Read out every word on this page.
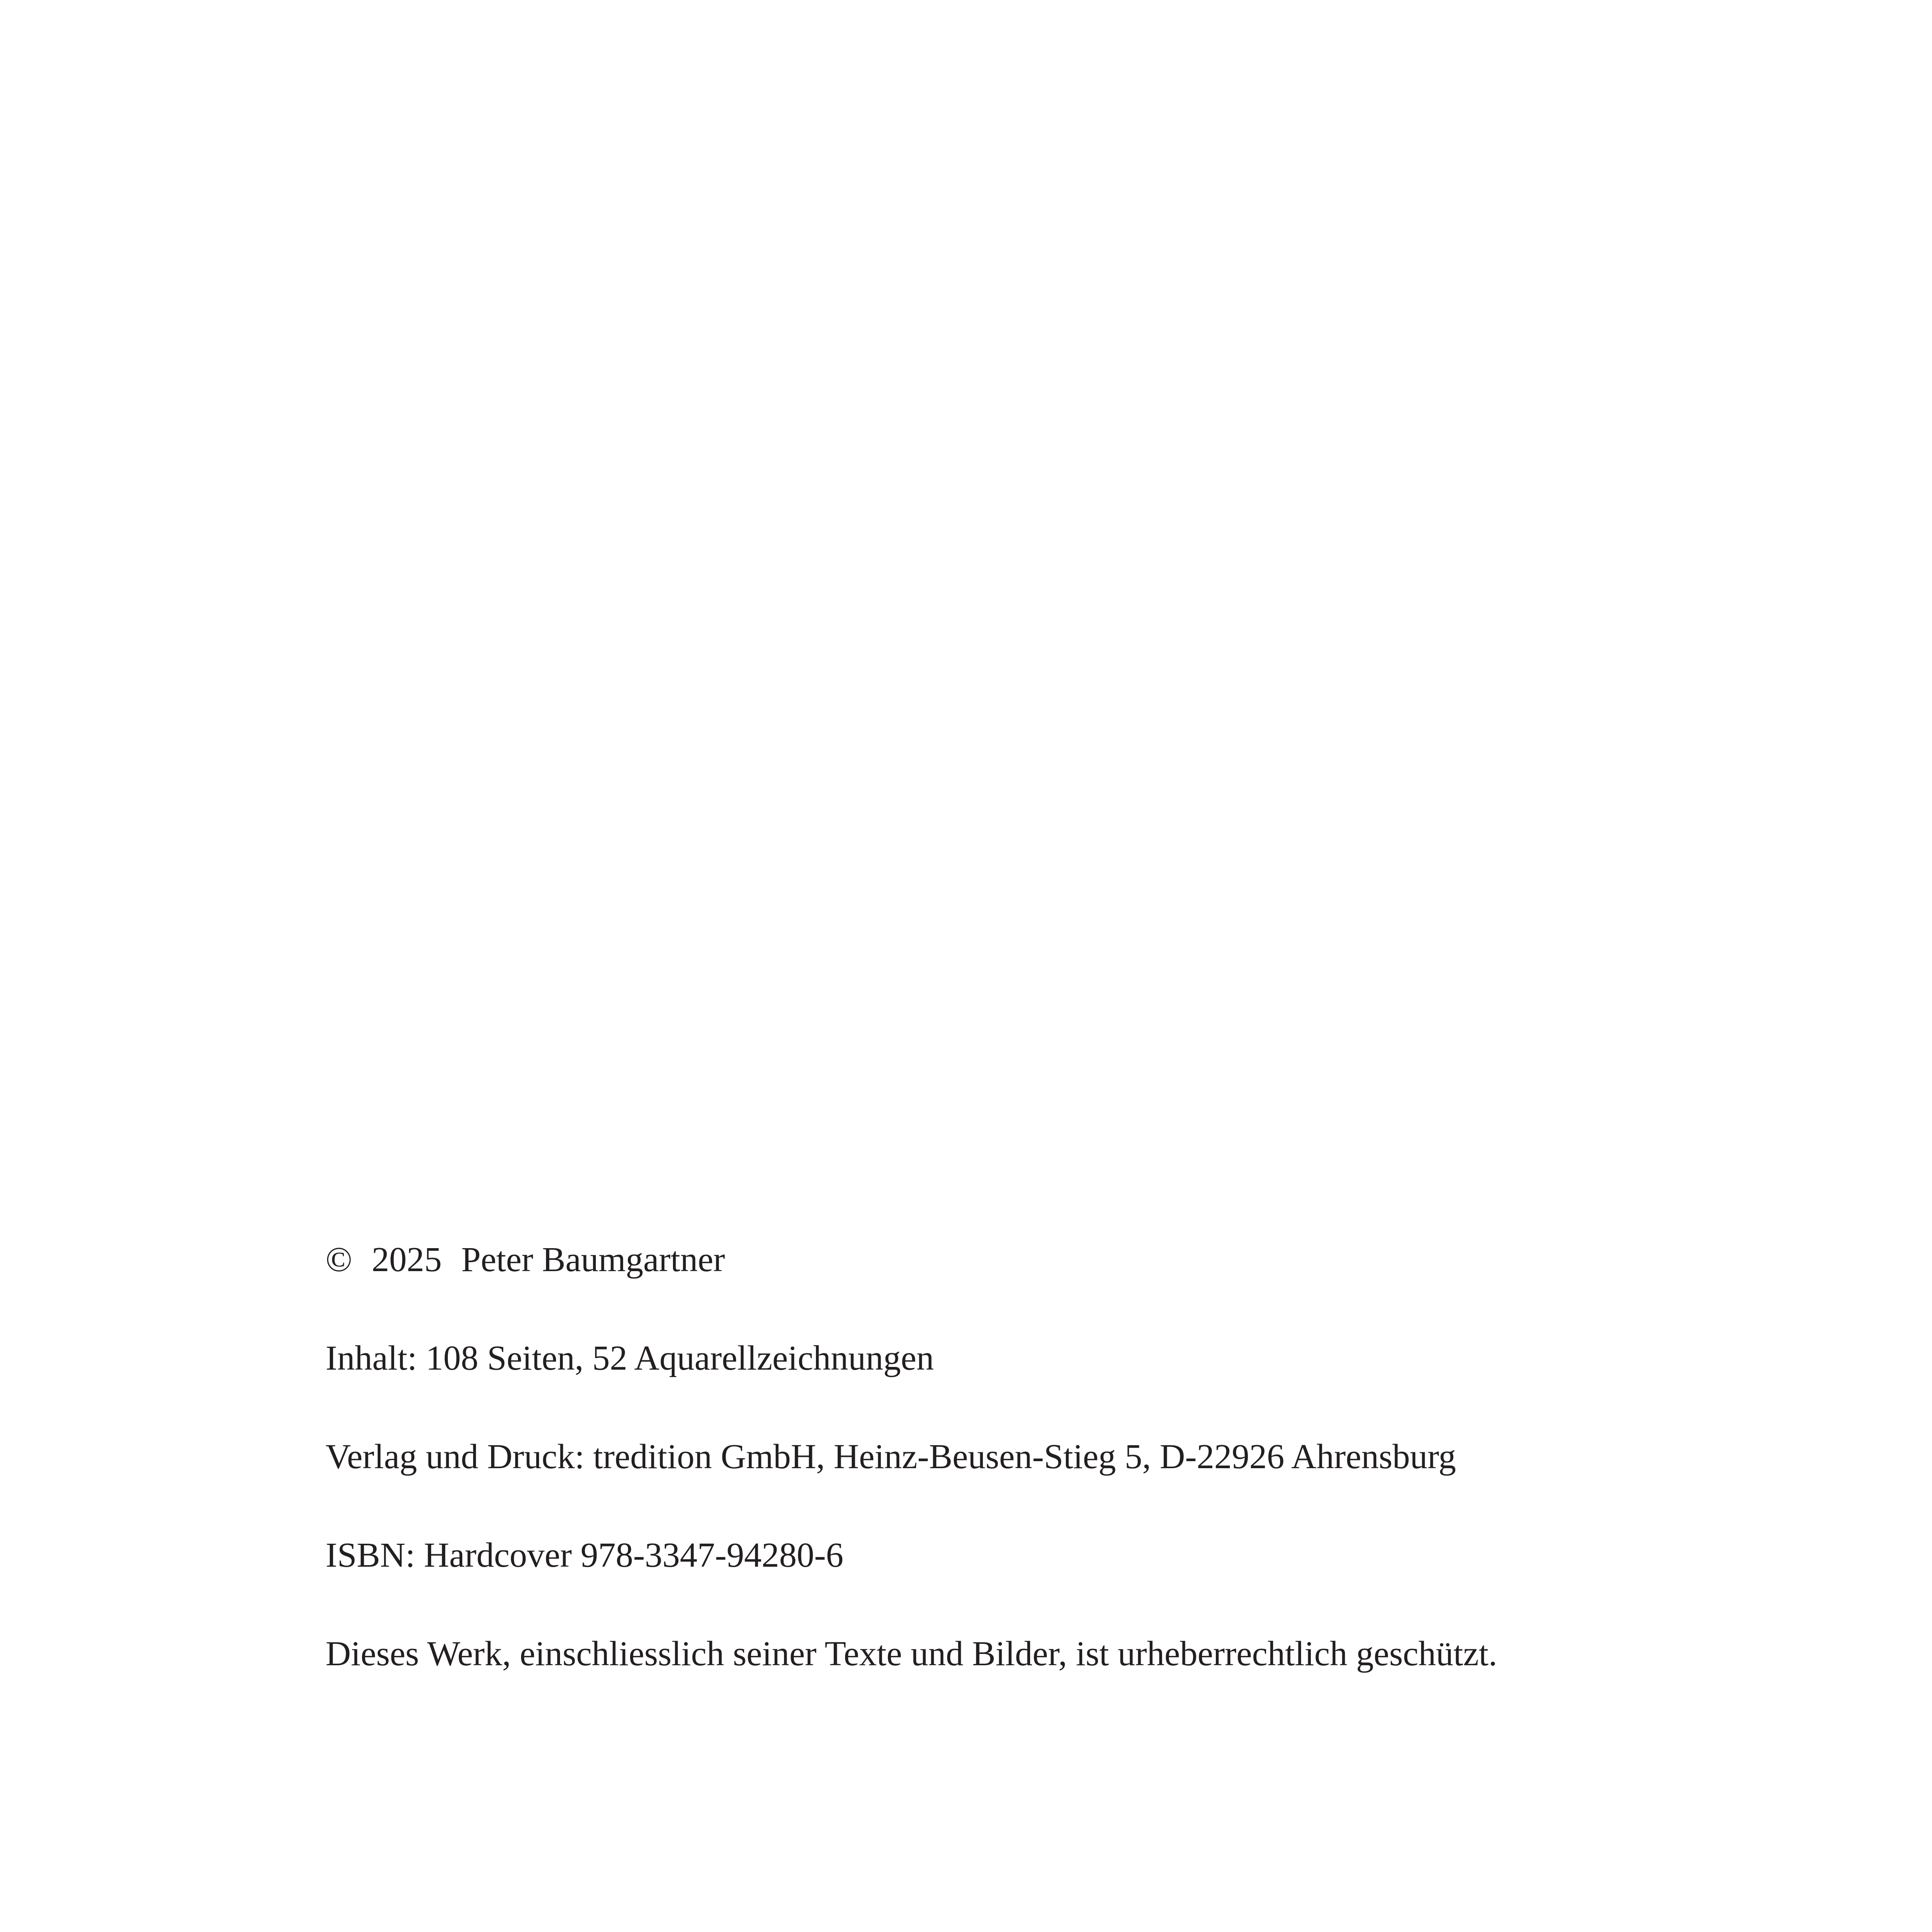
© 2025 Peter Baumgartner

Inhalt: 108 Seiten, 52 Aquarellzeichnungen

Verlag und Druck: tredition GmbH, Heinz-Beusen-Stieg 5, D-22926 Ahrensburg

ISBN: Hardcover 978-3347-94280-6

Dieses Werk, einschliesslich seiner Texte und Bilder, ist urheberrechtlich geschützt.
